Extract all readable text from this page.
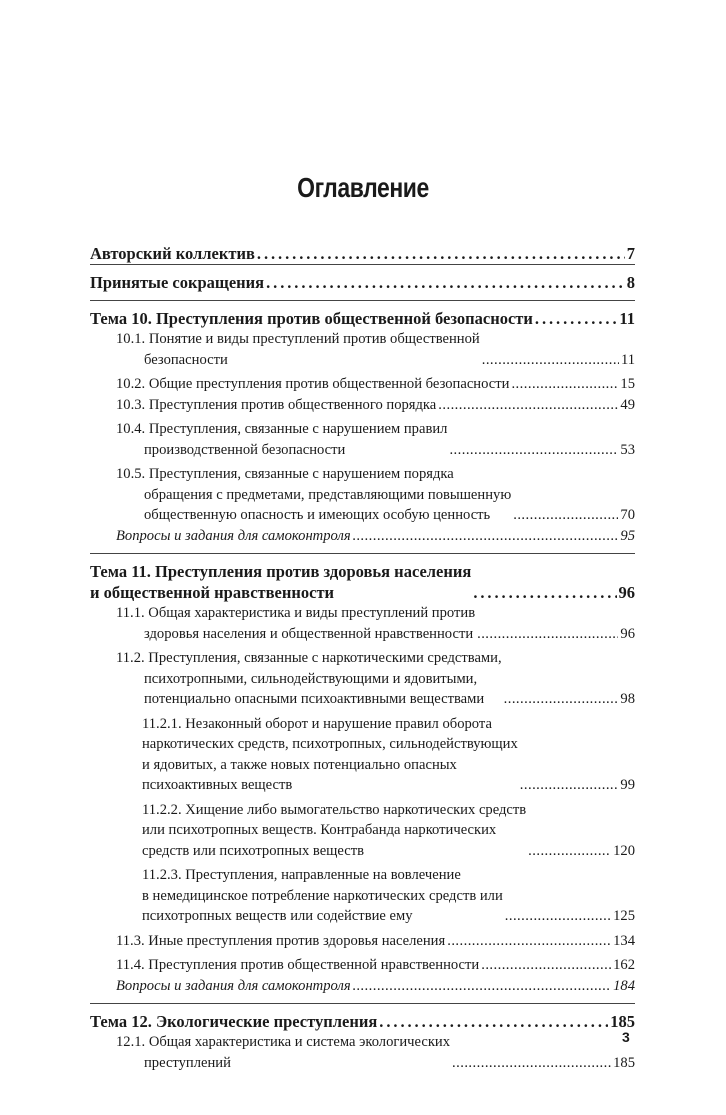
Оглавление
Авторский коллектив . . .	7
Принятые сокращения . . .	8
Тема 10. Преступления против общественной безопасности . . .	11
10.1. Понятие и виды преступлений против общественной
безопасности . . .	11
10.2. Общие преступления против общественной безопасности . . .	15
10.3. Преступления против общественного порядка . . .	49
10.4. Преступления, связанные с нарушением правил
производственной безопасности . . .	53
10.5. Преступления, связанные с нарушением порядка
обращения с предметами, представляющими повышенную
общественную опасность и имеющих особую ценность . . .	70
Вопросы и задания для самоконтроля . . .	95
Тема 11. Преступления против здоровья населения
и общественной нравственности . . .	96
11.1. Общая характеристика и виды преступлений против
здоровья населения и общественной нравственности . . .	96
11.2. Преступления, связанные с наркотическими средствами,
психотропными, сильнодействующими и ядовитыми,
потенциально опасными психоактивными веществами . . .	98
11.2.1. Незаконный оборот и нарушение правил оборота
наркотических средств, психотропных, сильнодействующих
и ядовитых, а также новых потенциально опасных
психоактивных веществ . . .	99
11.2.2. Хищение либо вымогательство наркотических средств
или психотропных веществ. Контрабанда наркотических
средств или психотропных веществ . . .	120
11.2.3. Преступления, направленные на вовлечение
в немедицинское потребление наркотических средств или
психотропных веществ или содействие ему . . .	125
11.3. Иные преступления против здоровья населения . . .	134
11.4. Преступления против общественной нравственности . . .	162
Вопросы и задания для самоконтроля . . .	184
Тема 12. Экологические преступления . . .	185
12.1. Общая характеристика и система экологических
преступлений . . .	185
3
